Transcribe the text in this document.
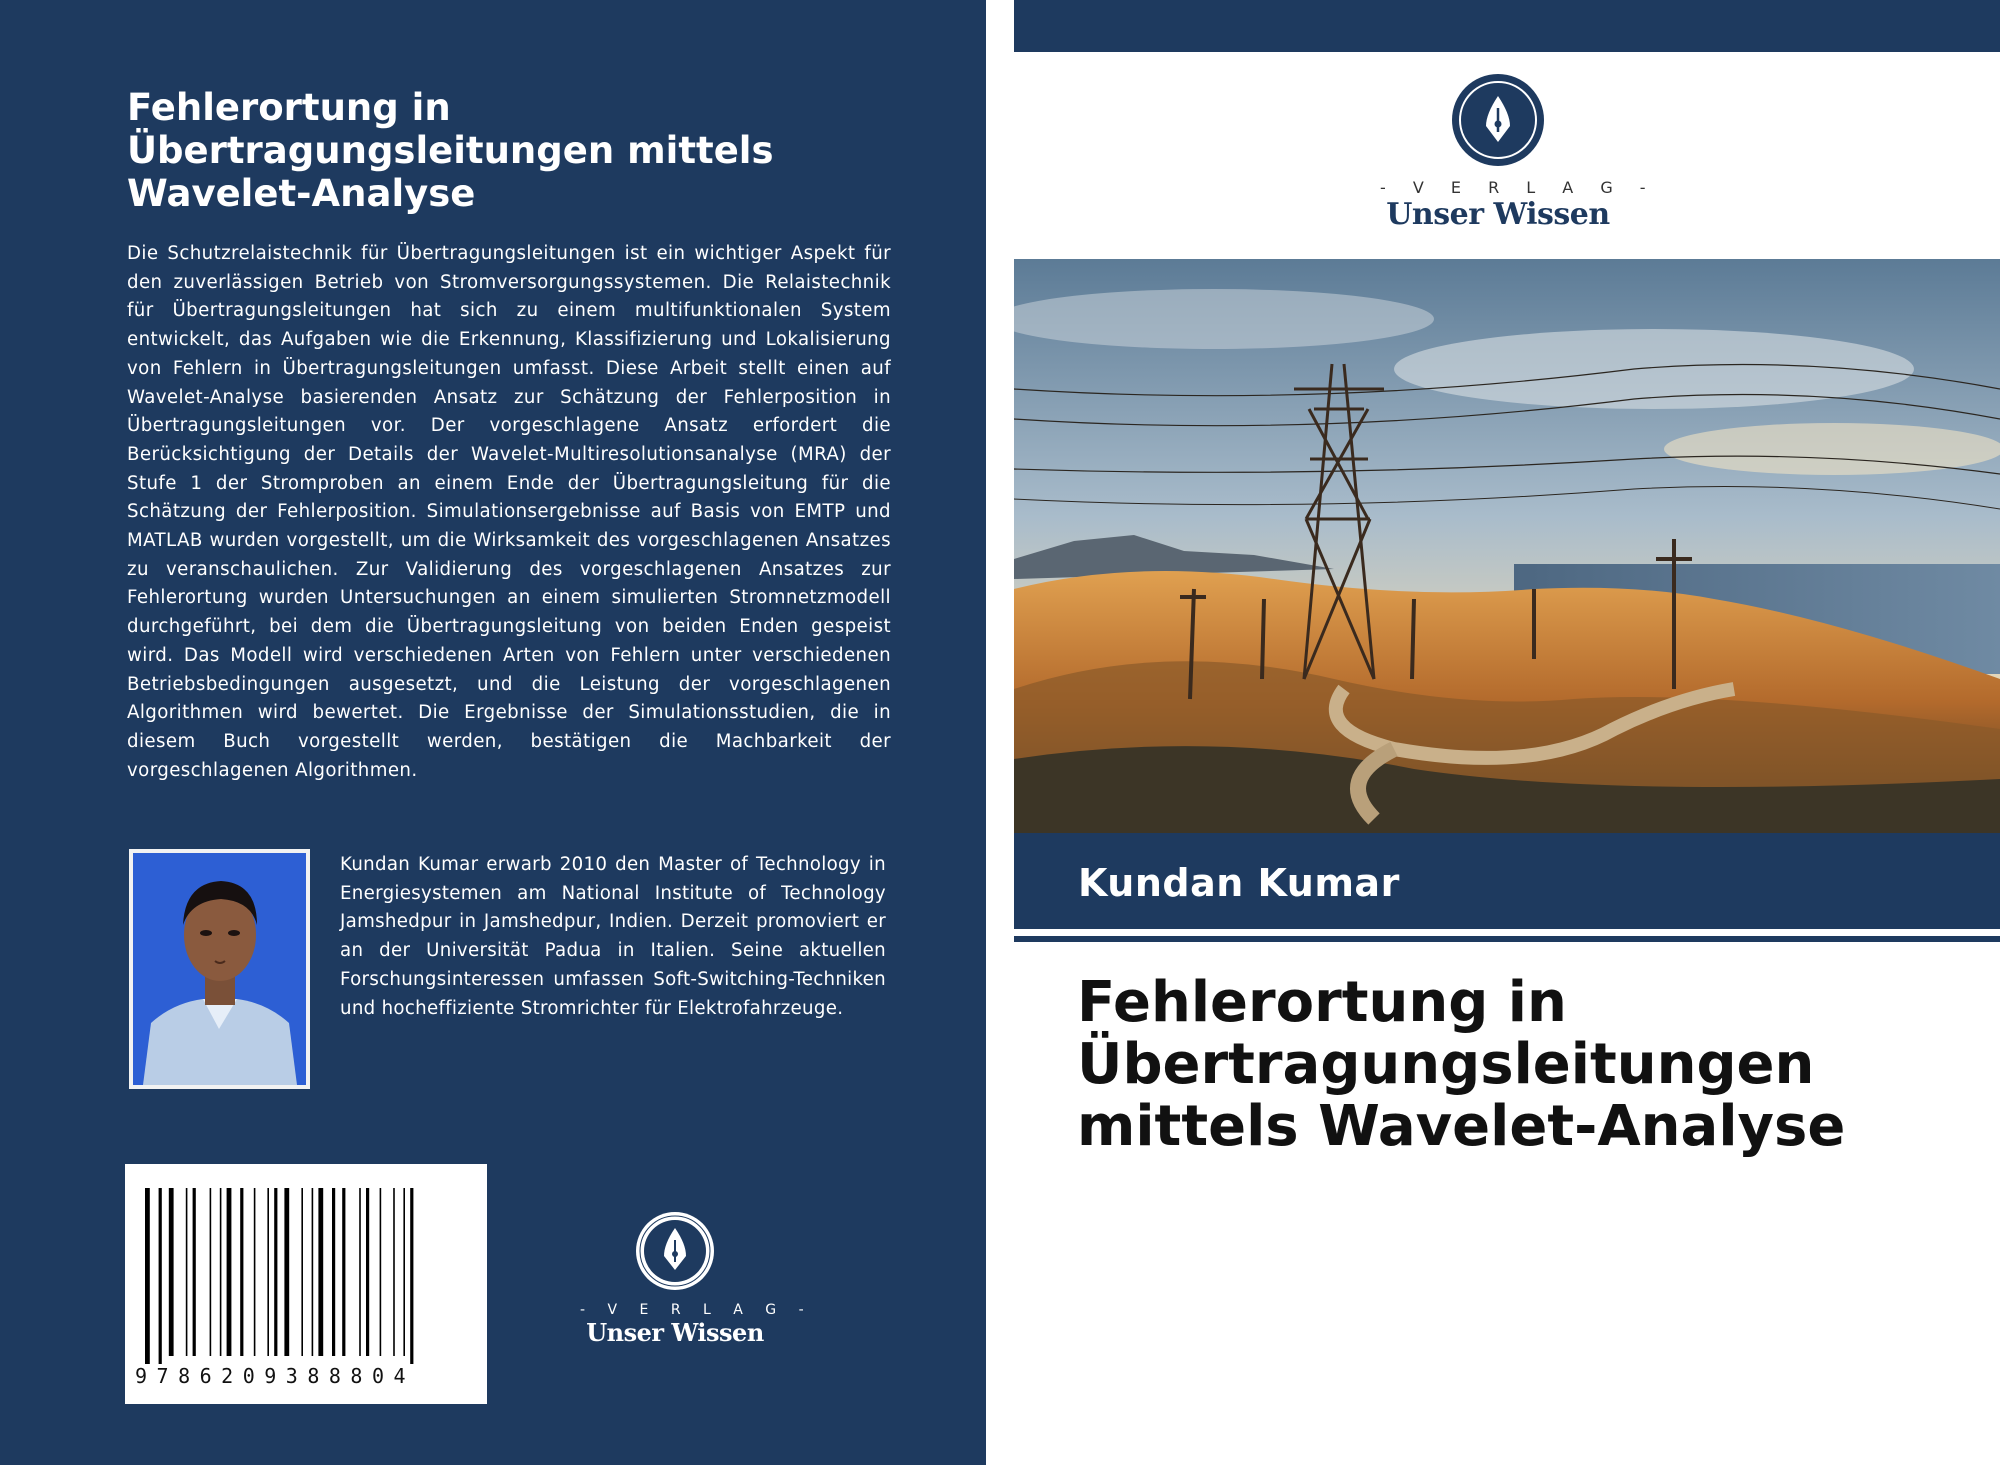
Fehlerortung in
Übertragungsleitungen mittels
Wavelet-Analyse

Die Schutzrelaistechnik für Übertragungsleitungen ist ein wichtiger Aspekt für den zuverlässigen Betrieb von Stromversorgungssystemen. Die Relaistechnik für Übertragungsleitungen hat sich zu einem multifunktionalen System entwickelt, das Aufgaben wie die Erkennung, Klassifizierung und Lokalisierung von Fehlern in Übertragungsleitungen umfasst. Diese Arbeit stellt einen auf Wavelet-Analyse basierenden Ansatz zur Schätzung der Fehlerposition in Übertragungsleitungen vor. Der vorgeschlagene Ansatz erfordert die Berücksichtigung der Details der Wavelet-Multiresolutionsanalyse (MRA) der Stufe 1 der Stromproben an einem Ende der Übertragungsleitung für die Schätzung der Fehlerposition. Simulationsergebnisse auf Basis von EMTP und MATLAB wurden vorgestellt, um die Wirksamkeit des vorgeschlagenen Ansatzes zu veranschaulichen. Zur Validierung des vorgeschlagenen Ansatzes zur Fehlerortung wurden Untersuchungen an einem simulierten Stromnetzmodell durchgeführt, bei dem die Übertragungsleitung von beiden Enden gespeist wird. Das Modell wird verschiedenen Arten von Fehlern unter verschiedenen Betriebsbedingungen ausgesetzt, und die Leistung der vorgeschlagenen Algorithmen wird bewertet. Die Ergebnisse der Simulationsstudien, die in diesem Buch vorgestellt werden, bestätigen die Machbarkeit der vorgeschlagenen Algorithmen.

Kundan Kumar erwarb 2010 den Master of Technology in Energiesystemen am National Institute of Technology Jamshedpur in Jamshedpur, Indien. Derzeit promoviert er an der Universität Padua in Italien. Seine aktuellen Forschungsinteressen umfassen Soft-Switching-Techniken und hocheffiziente Stromrichter für Elektrofahrzeuge.

9786209388804
- V E R L A G -
Unser Wissen
- V E R L A G -
Unser Wissen
Kundan Kumar
Fehlerortung in
Übertragungsleitungen
mittels Wavelet-Analyse
